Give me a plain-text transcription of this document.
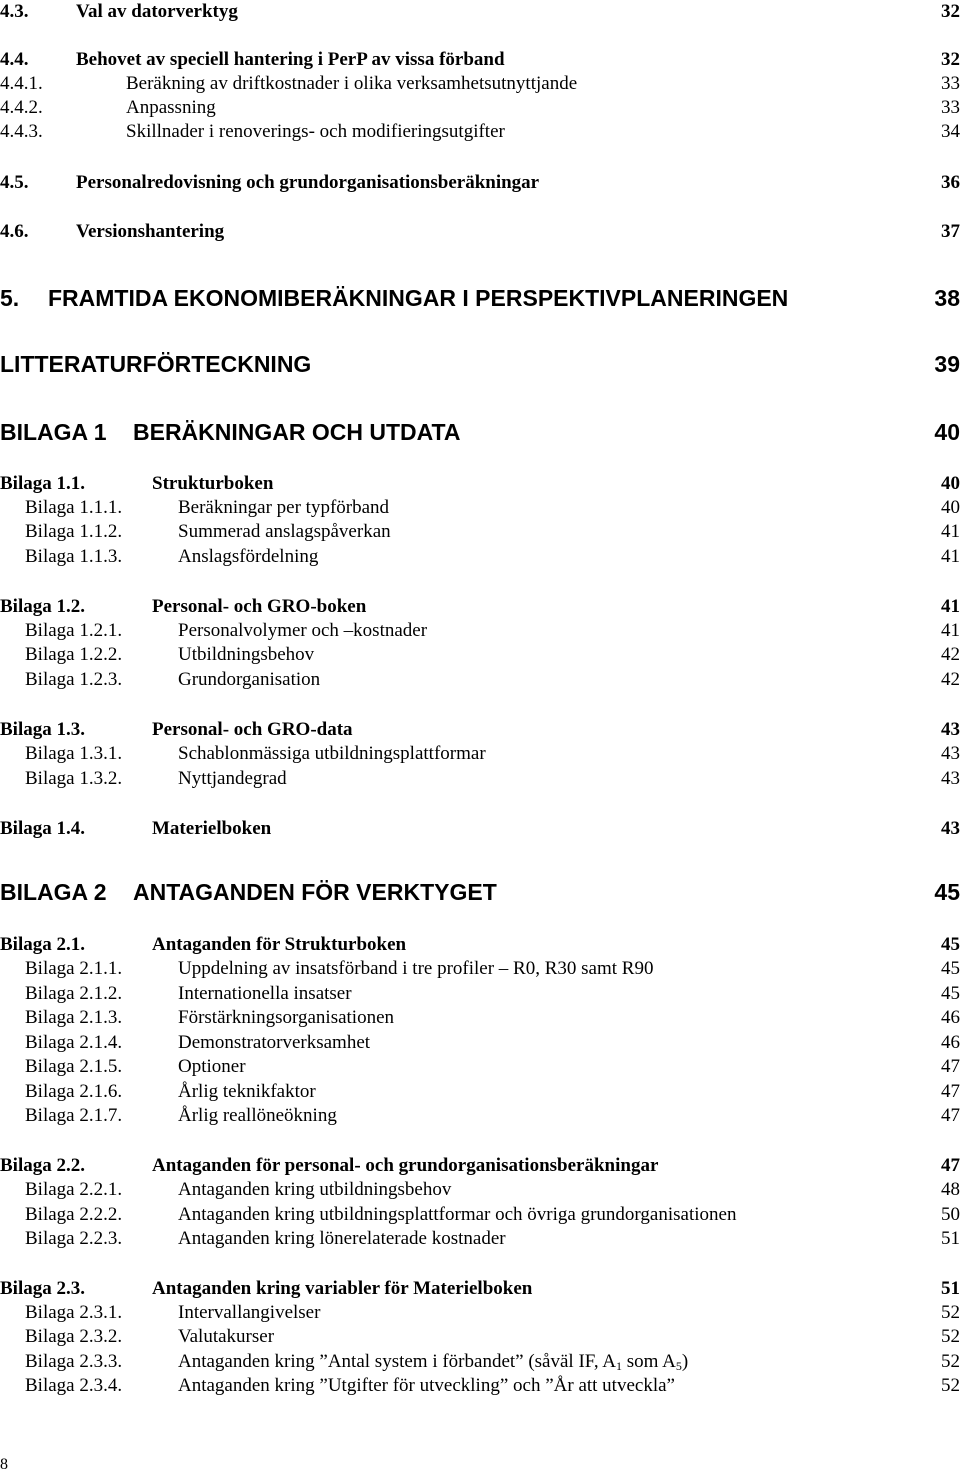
4.3.	Val av datorverktyg	32
4.4.	Behovet av speciell hantering i PerP av vissa förband	32
4.4.1.	Beräkning av driftkostnader i olika verksamhetsutnyttjande	33
4.4.2.	Anpassning	33
4.4.3.	Skillnader i renoverings- och modifieringsutgifter	34
4.5.	Personalredovisning och grundorganisationsberäkningar	36
4.6.	Versionshantering	37
5. FRAMTIDA EKONOMIBERÄKNINGAR I PERSPEKTIVPLANERINGEN	38
LITTERATURFÖRTECKNING	39
BILAGA 1 BERÄKNINGAR OCH UTDATA	40
Bilaga 1.1.	Strukturboken	40
Bilaga 1.1.1.	Beräkningar per typförband	40
Bilaga 1.1.2.	Summerad anslagspåverkan	41
Bilaga 1.1.3.	Anslagsfördelning	41
Bilaga 1.2.	Personal- och GRO-boken	41
Bilaga 1.2.1.	Personalvolymer och –kostnader	41
Bilaga 1.2.2.	Utbildningsbehov	42
Bilaga 1.2.3.	Grundorganisation	42
Bilaga 1.3.	Personal- och GRO-data	43
Bilaga 1.3.1.	Schablonmässiga utbildningsplattformar	43
Bilaga 1.3.2.	Nyttjandegrad	43
Bilaga 1.4.	Materielboken	43
BILAGA 2 ANTAGANDEN FÖR VERKTYGET	45
Bilaga 2.1.	Antaganden för Strukturboken	45
Bilaga 2.1.1.	Uppdelning av insatsförband i tre profiler – R0, R30 samt R90	45
Bilaga 2.1.2.	Internationella insatser	45
Bilaga 2.1.3.	Förstärkningsorganisationen	46
Bilaga 2.1.4.	Demonstratorverksamhet	46
Bilaga 2.1.5.	Optioner	47
Bilaga 2.1.6.	Årlig teknikfaktor	47
Bilaga 2.1.7.	Årlig reallöneökning	47
Bilaga 2.2.	Antaganden för personal- och grundorganisationsberäkningar	47
Bilaga 2.2.1.	Antaganden kring utbildningsbehov	48
Bilaga 2.2.2.	Antaganden kring utbildningsplattformar och övriga grundorganisationen	50
Bilaga 2.2.3.	Antaganden kring lönerelaterade kostnader	51
Bilaga 2.3.	Antaganden kring variabler för Materielboken	51
Bilaga 2.3.1.	Intervallangivelser	52
Bilaga 2.3.2.	Valutakurser	52
Bilaga 2.3.3.	Antaganden kring ”Antal system i förbandet” (såväl IF, $A_1$ som $A_5$)	52
Bilaga 2.3.4.	Antaganden kring ”Utgifter för utveckling” och ”År att utveckla”	52
8
